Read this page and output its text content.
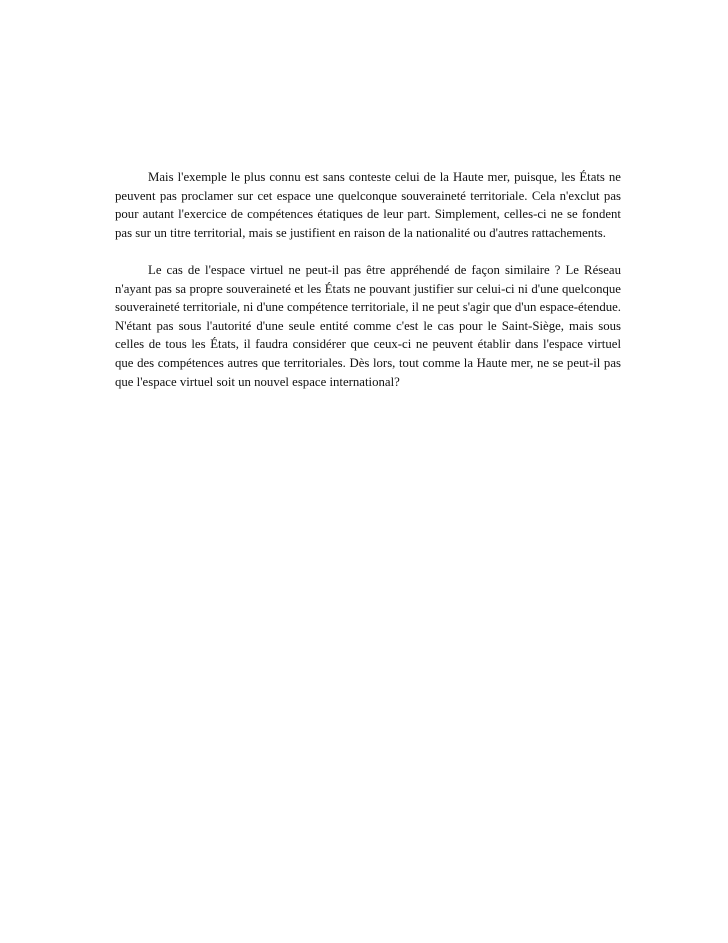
Mais l'exemple le plus connu est sans conteste celui de la Haute mer, puisque, les États ne peuvent pas proclamer sur cet espace une quelconque souveraineté territoriale. Cela n'exclut pas pour autant l'exercice de compétences étatiques de leur part. Simplement, celles-ci ne se fondent pas sur un titre territorial, mais se justifient en raison de la nationalité ou d'autres rattachements.

Le cas de l'espace virtuel ne peut-il pas être appréhendé de façon similaire ? Le Réseau n'ayant pas sa propre souveraineté et les États ne pouvant justifier sur celui-ci ni d'une quelconque souveraineté territoriale, ni d'une compétence territoriale, il ne peut s'agir que d'un espace-étendue. N'étant pas sous l'autorité d'une seule entité comme c'est le cas pour le Saint-Siège, mais sous celles de tous les États, il faudra considérer que ceux-ci ne peuvent établir dans l'espace virtuel que des compétences autres que territoriales. Dès lors, tout comme la Haute mer, ne se peut-il pas que l'espace virtuel soit un nouvel espace international?
